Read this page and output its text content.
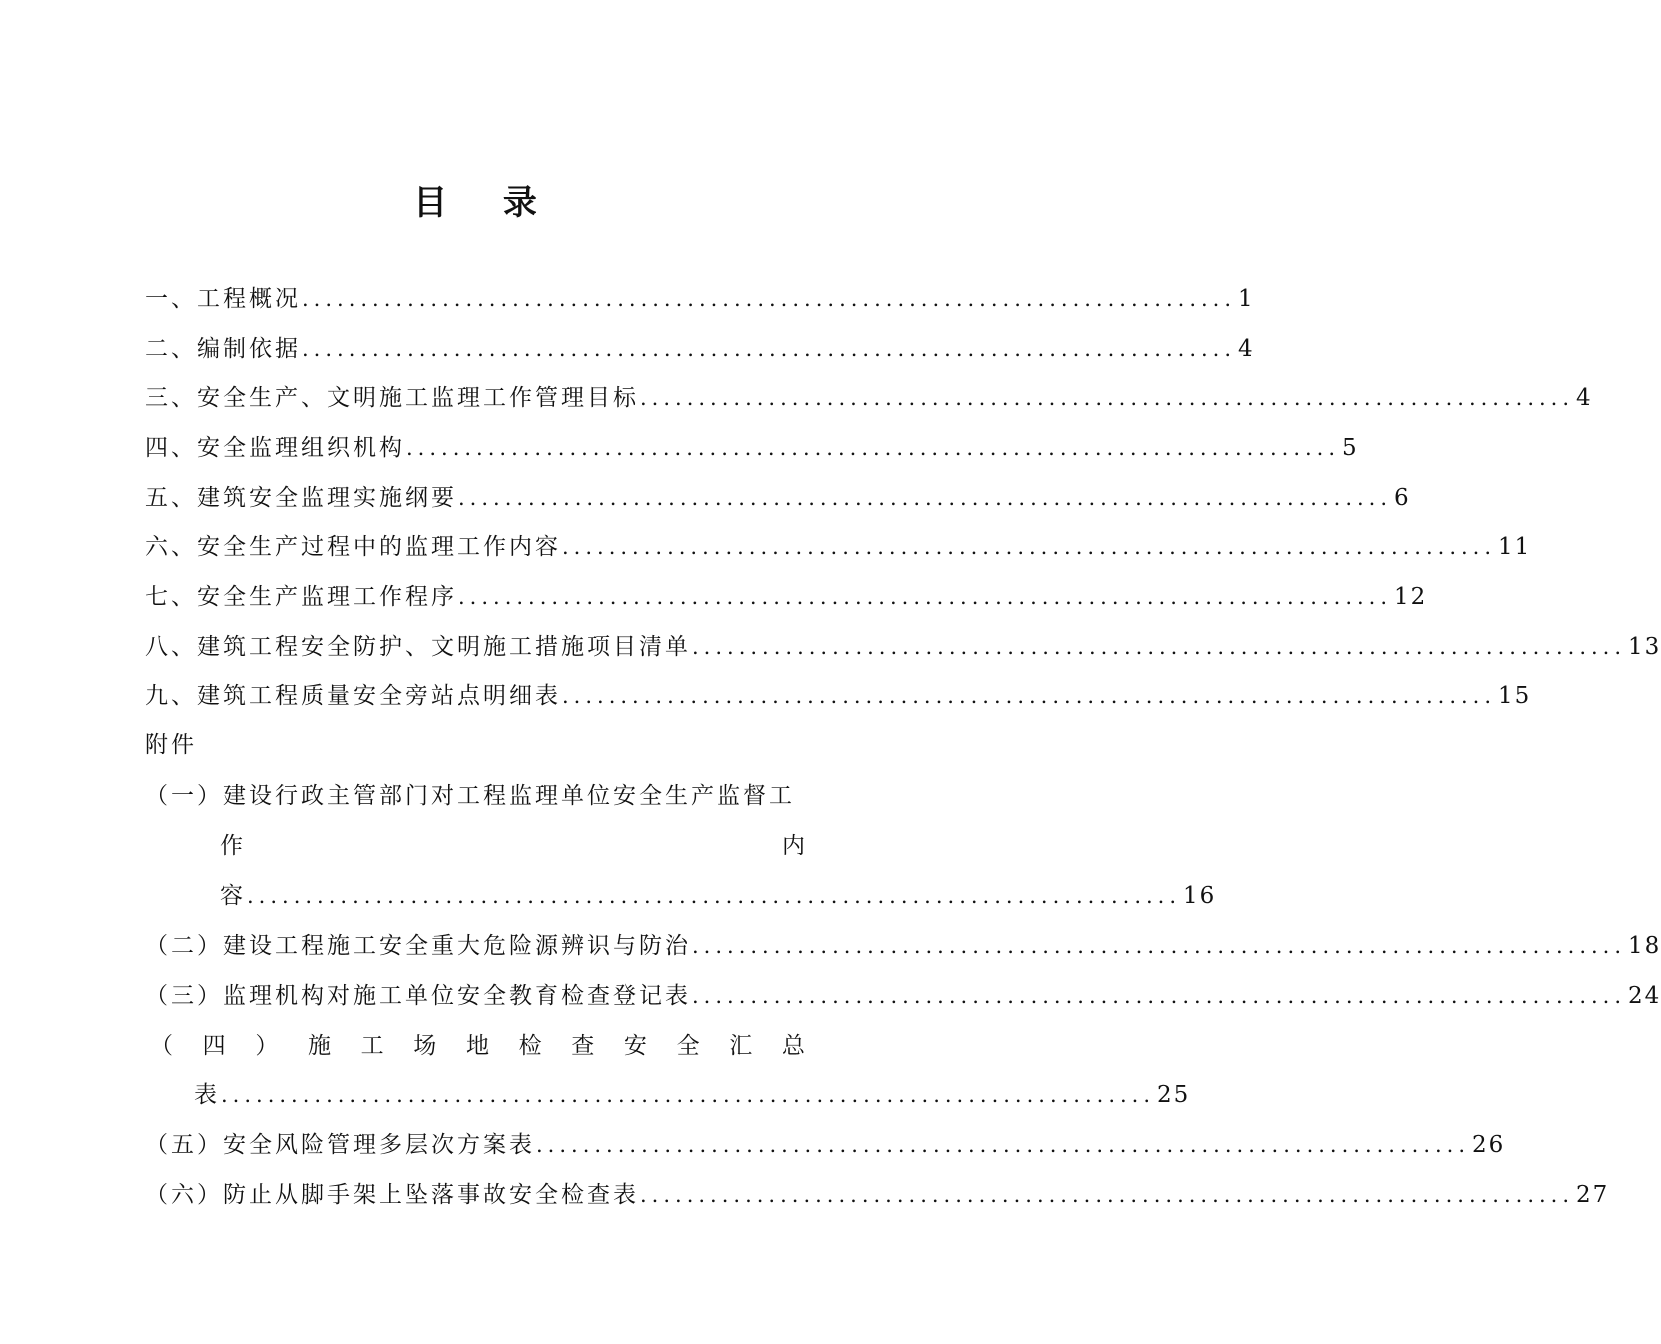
目 录
一、工程概况 ................................................................................ 1
二、编制依据 ................................................................................ 4
三、安全生产、文明施工监理工作管理目标 ................................................................................ 4
四、安全监理组织机构 ................................................................................ 5
五、建筑安全监理实施纲要 ................................................................................ 6
六、安全生产过程中的监理工作内容 ................................................................................ 11
七、安全生产监理工作程序 ................................................................................ 12
八、建筑工程安全防护、文明施工措施项目清单 ................................................................................ 13
九、建筑工程质量安全旁站点明细表 ................................................................................ 15
附件
（一）建设行政主管部门对工程监理单位安全生产监督工
作	内
容 ................................................................................ 16
（二）建设工程施工安全重大危险源辨识与防治 ................................................................................ 18
（三）监理机构对施工单位安全教育检查登记表 ................................................................................ 24
（ 四 ） 施 工 场 地 检 查 安 全 汇 总
表 ................................................................................ 25
（五）安全风险管理多层次方案表 ................................................................................ 26
（六）防止从脚手架上坠落事故安全检查表 ................................................................................ 27
